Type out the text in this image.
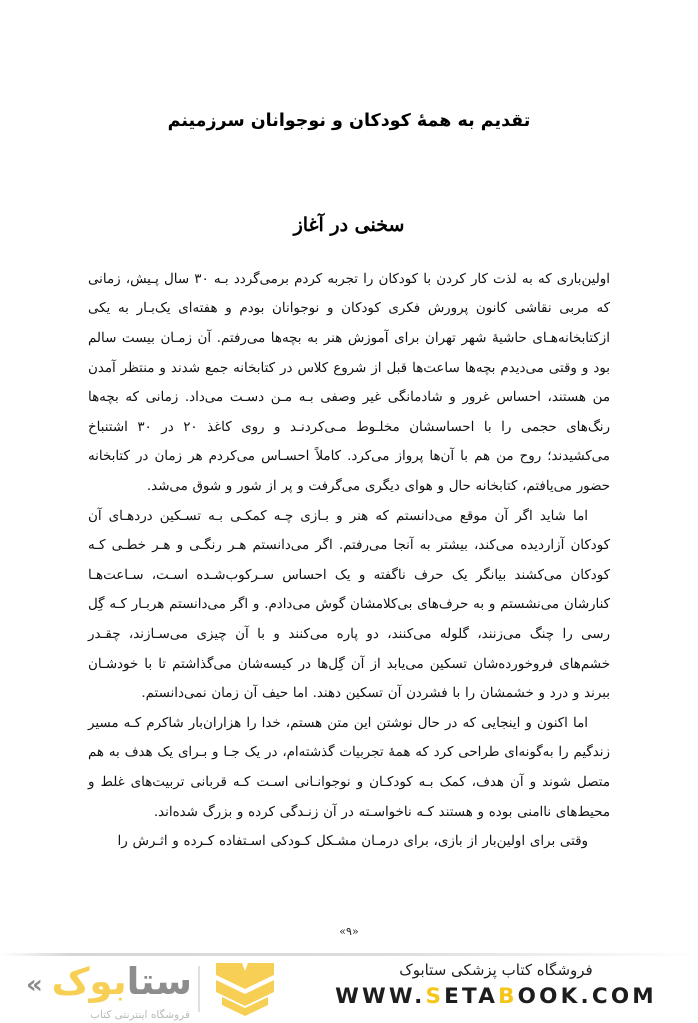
تقدیم به همهٔ کودکان و نوجوانان سرزمینم
سخنی در آغاز

اولین‌باری که به لذت کار کردن با کودکان را تجربه کردم برمی‌گردد بـه ۳۰ سال پـیش، زمانی که مربی نقاشی کانون پرورش فکری کودکان و نوجوانان بودم و هفته‌ای یک‌بـار به یکی ازکتابخانه‌هـای حاشیهٔ شهر تهران برای آموزش هنر به بچه‌ها می‌رفتم. آن زمـان بیست سالم بود و وقتی می‌دیدم بچه‌ها ساعت‌ها قبل از شروع کلاس در کتابخانه جمع شدند و منتظر آمدن من هستند، احساس غرور و شادمانگی غیر وصفی بـه مـن دسـت می‌داد. زمانی که بچه‌ها رنگ‌های حجمی را با احساسشان مخلـوط مـی‌کردنـد و روی کاغذ ۲۰ در ۳۰ اشتنباخ می‌کشیدند؛ روح من هم با آن‌ها پرواز می‌کرد. کاملاً احسـاس می‌کردم هر زمان در کتابخانه حضور می‌یافتم، کتابخانه حال و هوای دیگری می‌گرفت و پر از شور و شوق می‌شد.

اما شاید اگر آن موقع می‌دانستم که هنر و بـازی چـه کمکـی بـه تسـکین دردهـای آن کودکان آزاردیده می‌کند، بیشتر به آنجا می‌رفتم. اگر می‌دانستم هـر رنگـی و هـر خطـی کـه کودکان می‌کشند بیانگر یک حرف ناگفته و یک احساس سـرکوب‌شـده اسـت، سـاعت‌هـا کنارشان می‌نشستم و به حرف‌های بی‌کلامشان گوش می‌دادم. و اگر می‌دانستم هربـار کـه گِل رسی را چنگ می‌زنند، گلوله می‌کنند، دو پاره می‌کنند و با آن چیزی می‌سـازند، چقـدر خشم‌های فروخورده‌شان تسکین می‌یابد از آن گِل‌ها در کیسه‌شان می‌گذاشتم تا با خودشـان ببرند و درد و خشمشان را با فشردن آن تسکین دهند. اما حیف آن زمان نمی‌دانستم.

اما اکنون و اینجایی که در حال نوشتن این متن هستم، خدا را هزاران‌بار شاکرم کـه مسیر زندگیم را به‌گونه‌ای طراحی کرد که همهٔ تجربیات گذشته‌ام، در یک جـا و بـرای یک هدف به هم متصل شوند و آن هدف، کمک بـه کودکـان و نوجوانـانی اسـت کـه قربانی تربیت‌های غلط و محیط‌های ناامنی بوده و هستند کـه ناخواسـته در آن زنـدگی کرده و بزرگ شده‌اند.

وقتی برای اولین‌بار از بازی، برای درمـان مشـکل کـودکی اسـتفاده کـرده و اثـرش را

«۹»
ستابوک
«
فروشگاه اینترنتی کتاب
فروشگاه کتاب پزشکی ستابوک
WWW.SETABOOK.COM
